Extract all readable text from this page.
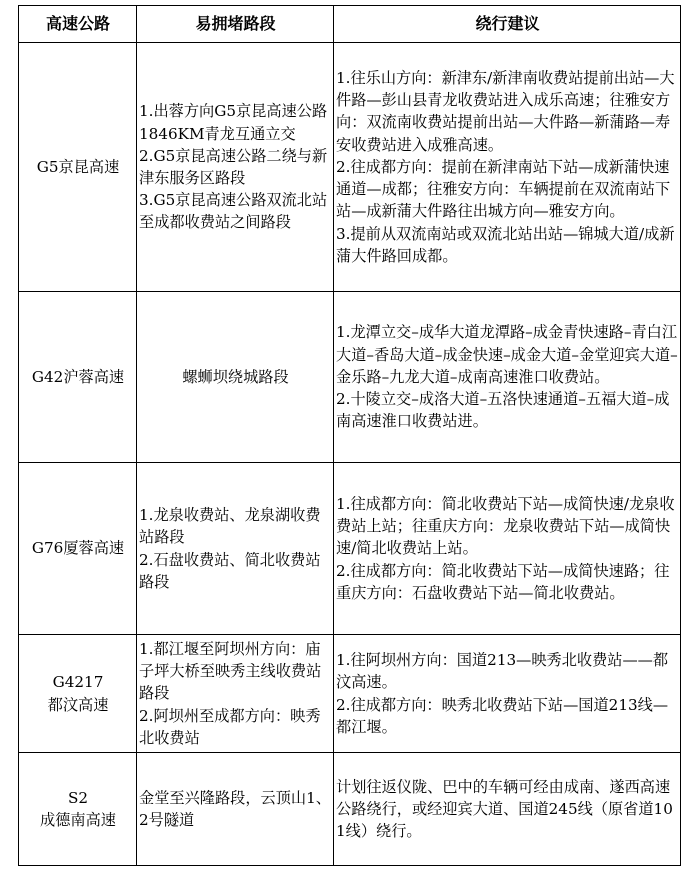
高速公路	易拥堵路段	绕行建议

G5京昆高速	1.出蓉方向G5京昆高速公路1846KM青龙互通立交
2.G5京昆高速公路二绕与新津东服务区路段
3.G5京昆高速公路双流北站至成都收费站之间路段	1.往乐山方向：新津东/新津南收费站提前出站—大件路—彭山县青龙收费站进入成乐高速；往雅安方向：双流南收费站提前出站—大件路—新蒲路—寿安收费站进入成雅高速。
2.往成都方向：提前在新津南站下站—成新蒲快速通道—成都；往雅安方向：车辆提前在双流南站下站—成新蒲大件路往出城方向—雅安方向。
3.提前从双流南站或双流北站出站—锦城大道/成新蒲大件路回成都。

G42沪蓉高速	螺蛳坝绕城路段	1.龙潭立交–成华大道龙潭路–成金青快速路–青白江大道–香岛大道–成金快速–成金大道–金堂迎宾大道–金乐路–九龙大道–成南高速淮口收费站。
2.十陵立交–成洛大道–五洛快速通道–五福大道–成南高速淮口收费站进。

G76厦蓉高速	1.龙泉收费站、龙泉湖收费站路段
2.石盘收费站、简北收费站路段	1.往成都方向：简北收费站下站—成简快速/龙泉收费站上站；往重庆方向：龙泉收费站下站—成简快速/简北收费站上站。
2.往成都方向：简北收费站下站—成简快速路；往重庆方向：石盘收费站下站—简北收费站。

G4217
都汶高速	1.都江堰至阿坝州方向：庙子坪大桥至映秀主线收费站路段
2.阿坝州至成都方向：映秀北收费站	1.往阿坝州方向：国道213—映秀北收费站——都汶高速。
2.往成都方向：映秀北收费站下站—国道213线—都江堰。

S2
成德南高速	金堂至兴隆路段，云顶山1、2号隧道	计划往返仪陇、巴中的车辆可经由成南、遂西高速公路绕行，或经迎宾大道、国道245线（原省道101线）绕行。
